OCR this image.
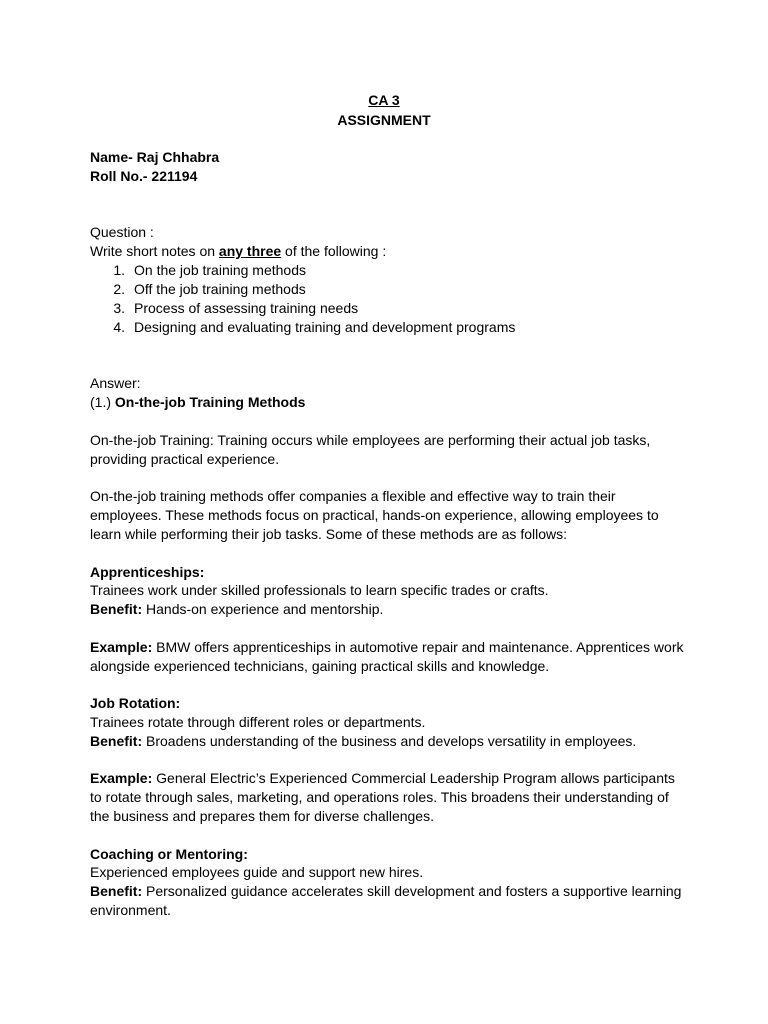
CA 3
ASSIGNMENT
Name- Raj Chhabra
Roll No.- 221194
Question :
Write short notes on any three of the following :
1. On the job training methods
2. Off the job training methods
3. Process of assessing training needs
4. Designing and evaluating training and development programs
Answer:
(1.) On-the-job Training Methods
On-the-job Training: Training occurs while employees are performing their actual job tasks,
providing practical experience.
On-the-job training methods offer companies a flexible and effective way to train their
employees. These methods focus on practical, hands-on experience, allowing employees to
learn while performing their job tasks. Some of these methods are as follows:
Apprenticeships:
Trainees work under skilled professionals to learn specific trades or crafts.
Benefit: Hands-on experience and mentorship.
Example: BMW offers apprenticeships in automotive repair and maintenance. Apprentices work
alongside experienced technicians, gaining practical skills and knowledge.
Job Rotation:
Trainees rotate through different roles or departments.
Benefit: Broadens understanding of the business and develops versatility in employees.
Example: General Electric’s Experienced Commercial Leadership Program allows participants
to rotate through sales, marketing, and operations roles. This broadens their understanding of
the business and prepares them for diverse challenges.
Coaching or Mentoring:
Experienced employees guide and support new hires.
Benefit: Personalized guidance accelerates skill development and fosters a supportive learning
environment.
